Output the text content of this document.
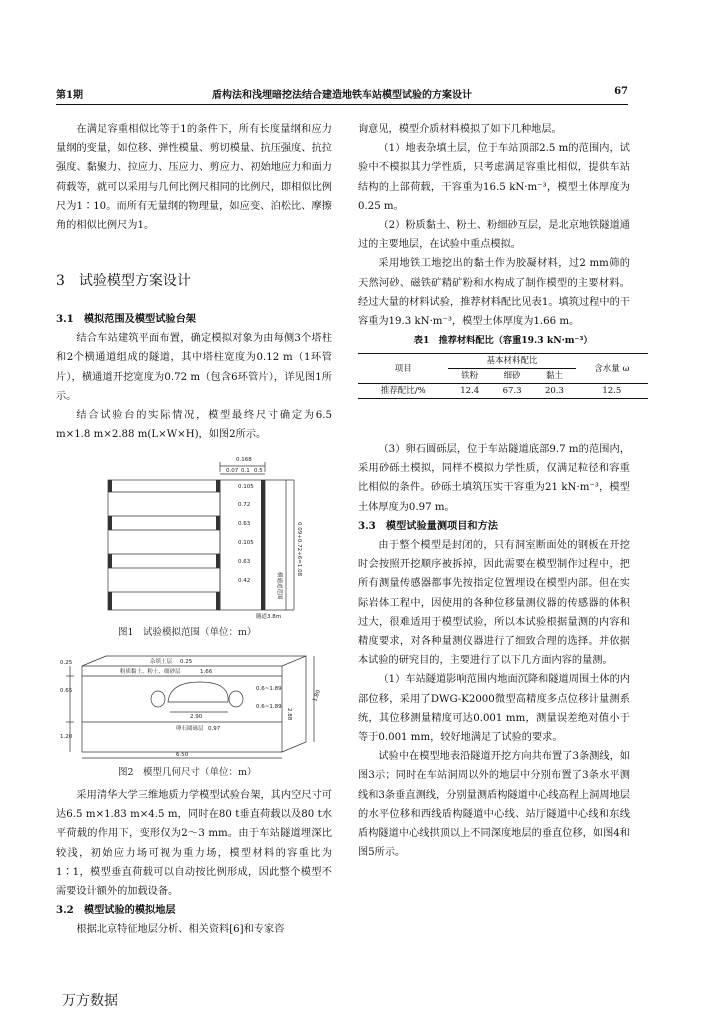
第1期	盾构法和浅埋暗挖法结合建造地铁车站模型试验的方案设计	67

在满足容重相似比等于1的条件下，所有长度量纲和应力量纲的变量，如位移、弹性模量、剪切模量、抗压强度、抗拉强度、黏聚力、拉应力、压应力、剪应力、初始地应力和面力荷载等，就可以采用与几何比例尺相同的比例尺，即相似比例尺为1∶10。而所有无量纲的物理量，如应变、泊松比、摩擦角的相似比例尺为1。

3　试验模型方案设计

3.1　模拟范围及模型试验台架

结合车站建筑平面布置，确定模拟对象为由每侧3个塔柱和2个横通道组成的隧道，其中塔柱宽度为0.12 m（1环管片），横通道开挖宽度为0.72 m（包含6环管片），详见图1所示。

结合试验台的实际情况，模型最终尺寸确定为6.5 m×1.8 m×2.88 m(L×W×H)，如图2所示。

0.168
0.07 0.1 0.5
0.105
0.72
0.63
0.105
0.63
0.42
0.09+0.72+6=1.08
横通道范围
隧道3.8m
图1　试验模拟范围（单位：m）
0.25
0.65
1.20
杂填土层 0.25
粉质黏土、粉土、细砂层	1.66
卵石圆砾层 0.97
2.88
0.6~1.89
0.6~1.89
2.90
6.50
1.80
图2　模型几何尺寸（单位：m）

采用清华大学三维地质力学模型试验台架，其内空尺寸可达6.5 m×1.83 m×4.5 m，同时在80 t垂直荷载以及80 t水平荷载的作用下，变形仅为2～3 mm。由于车站隧道埋深比较浅，初始应力场可视为重力场，模型材料的容重比为1∶1，模型垂直荷载可以自动按比例形成，因此整个模型不需要设计额外的加载设备。

3.2　模型试验的模拟地层

根据北京特征地层分析、相关资料[6]和专家咨

询意见，模型介质材料模拟了如下几种地层。

（1）地表杂填土层，位于车站顶部2.5 m的范围内，试验中不模拟其力学性质，只考虑满足容重比相似，提供车站结构的上部荷载，干容重为16.5 kN·m⁻³，模型土体厚度为0.25 m。

（2）粉质黏土、粉土、粉细砂互层，是北京地铁隧道通过的主要地层，在试验中重点模拟。

采用地铁工地挖出的黏土作为胶凝材料，过2 mm筛的天然河砂、磁铁矿精矿粉和水构成了制作模型的主要材料。经过大量的材料试验，推荐材料配比见表1。填筑过程中的干容重为19.3 kN·m⁻³，模型土体厚度为1.66 m。

表1　推荐材料配比（容重19.3 kN·m⁻³）

项目	基本材料配比			含水量 ω
	铁粉	细砂	黏土	
推荐配比/%	12.4	67.3	20.3	12.5

（3）卵石圆砾层，位于车站隧道底部9.7 m的范围内，采用砂砾土模拟，同样不模拟力学性质，仅满足粒径和容重比相似的条件。砂砾土填筑压实干容重为21 kN·m⁻³，模型土体厚度为0.97 m。

3.3　模型试验量测项目和方法

由于整个模型是封闭的，只有洞室断面处的钢板在开挖时会按照开挖顺序被拆掉，因此需要在模型制作过程中，把所有测量传感器都事先按指定位置埋设在模型内部。但在实际岩体工程中，因使用的各种位移量测仪器的传感器的体积过大，很难适用于模型试验，所以本试验根据量测的内容和精度要求，对各种量测仪器进行了细致合理的选择。并依据本试验的研究目的，主要进行了以下几方面内容的量测。

（1）车站隧道影响范围内地面沉降和隧道周围土体的内部位移，采用了DWG-K2000微型高精度多点位移计量测系统，其位移测量精度可达0.001 mm，测量误差绝对值小于等于0.001 mm，较好地满足了试验的要求。

试验中在模型地表沿隧道开挖方向共布置了3条测线，如图3示；同时在车站洞周以外的地层中分别布置了3条水平测线和3条垂直测线，分别量测盾构隧道中心线高程上洞周地层的水平位移和西线盾构隧道中心线、站厅隧道中心线和东线盾构隧道中心线拱顶以上不同深度地层的垂直位移，如图4和图5所示。

万方数据
